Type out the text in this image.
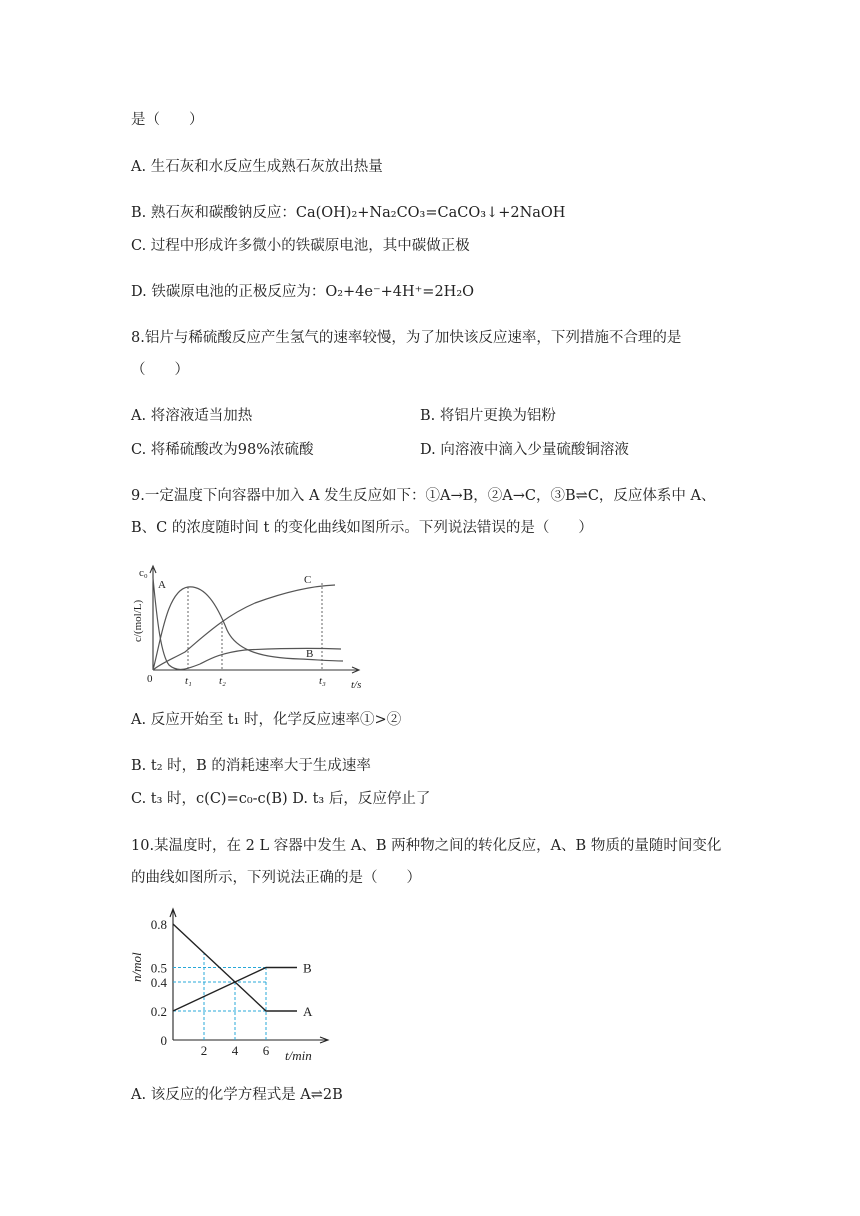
是（　　）
A. 生石灰和水反应生成熟石灰放出热量
B. 熟石灰和碳酸钠反应：Ca(OH)₂+Na₂CO₃=CaCO₃↓+2NaOH
C. 过程中形成许多微小的铁碳原电池，其中碳做正极
D. 铁碳原电池的正极反应为：O₂+4e⁻+4H⁺=2H₂O
8.铝片与稀硫酸反应产生氢气的速率较慢，为了加快该反应速率，下列措施不合理的是
（　　）
A. 将溶液适当加热	B. 将铝片更换为铝粉
C. 将稀硫酸改为98%浓硫酸	D. 向溶液中滴入少量硫酸铜溶液
9.一定温度下向容器中加入 A 发生反应如下：①A→B，②A→C，③B⇌C，反应体系中 A、
B、C 的浓度随时间 t 的变化曲线如图所示。下列说法错误的是（　　）
c₀
A	C
B
0	t₁ t₂	t₃ t/s
c/(mol/L)
A. 反应开始至 t₁ 时，化学反应速率①>②
B. t₂ 时，B 的消耗速率大于生成速率
C. t₃ 时，c(C)=c₀-c(B) D. t₃ 后，反应停止了
10.某温度时，在 2 L 容器中发生 A、B 两种物之间的转化反应，A、B 物质的量随时间变化
的曲线如图所示，下列说法正确的是（　　）
0
0.2
0.4
0.5
0.8
2 4 6
A
B
n/mol
t/min
A. 该反应的化学方程式是 A⇌2B
